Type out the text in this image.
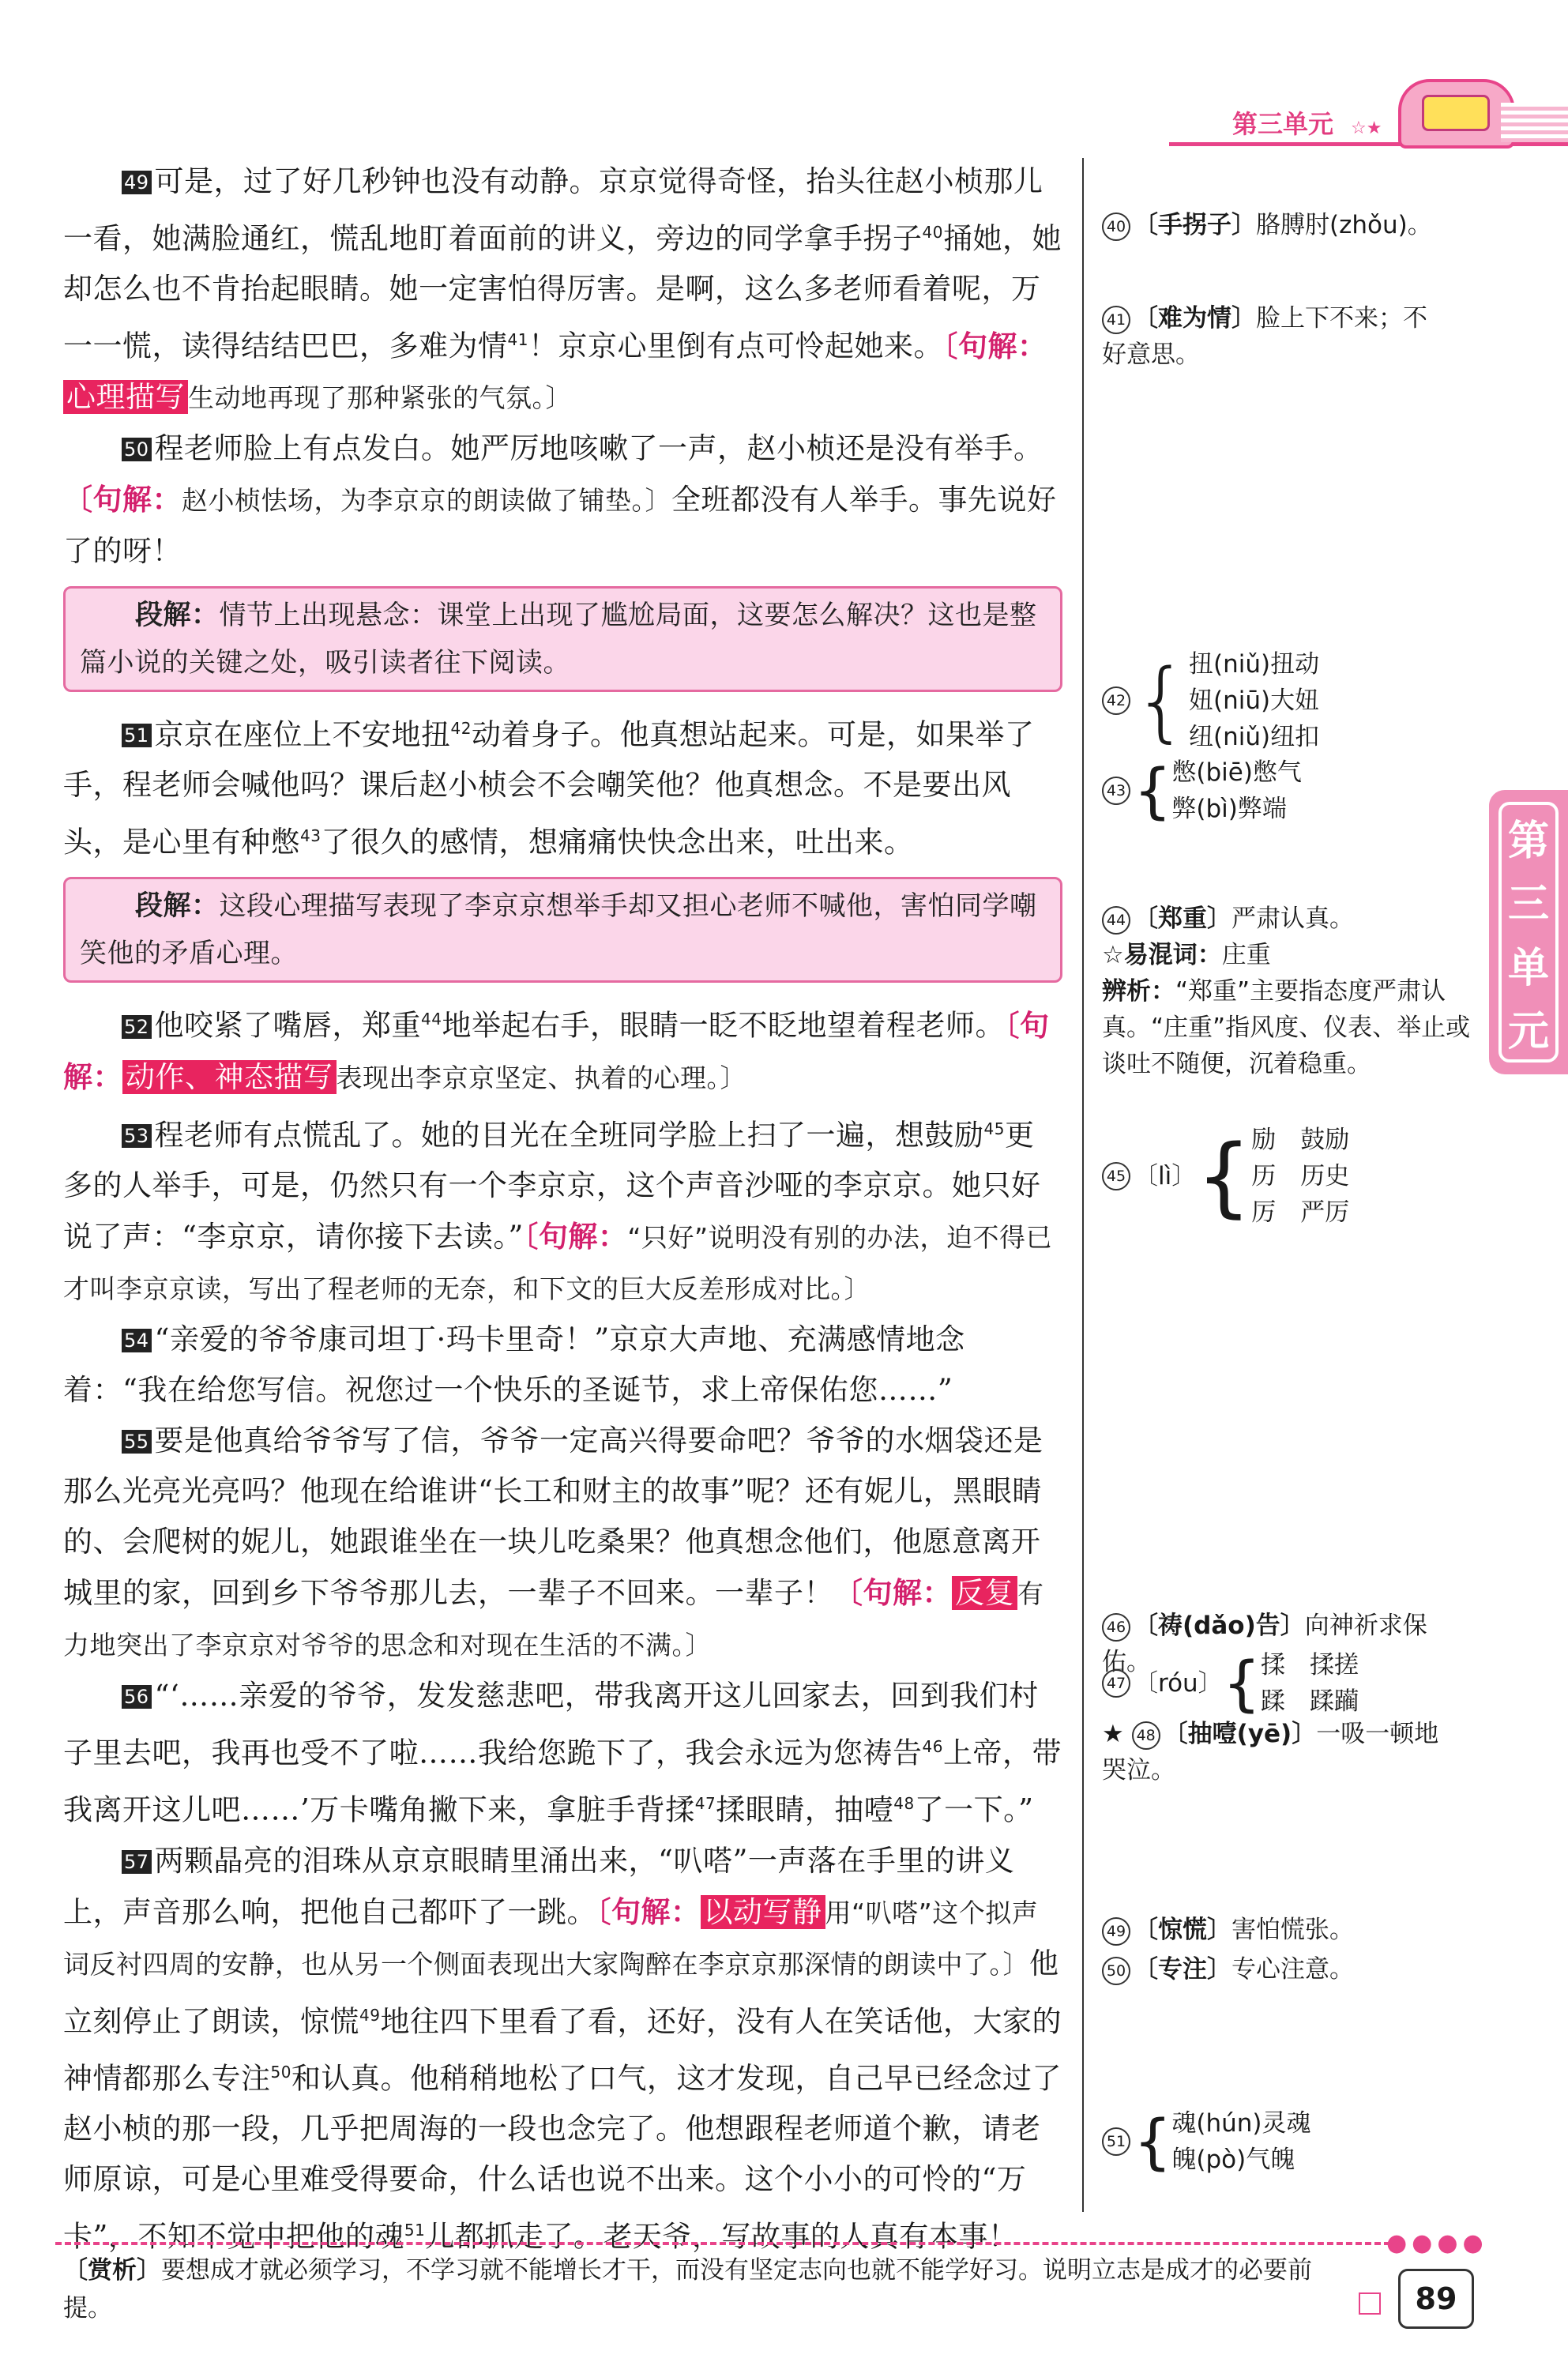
第三单元 ☆★

49 可是，过了好几秒钟也没有动静。京京觉得奇怪，抬头往赵小桢那儿一看，她满脸通红，慌乱地盯着面前的讲义，旁边的同学拿手拐子$^{40}$捅她，她却怎么也不肯抬起眼睛。她一定害怕得厉害。是啊，这么多老师看着呢，万一一慌，读得结结巴巴，多难为情$^{41}$！京京心里倒有点可怜起她来。〔句解：心理描写 生动地再现了那种紧张的气氛。〕

50 程老师脸上有点发白。她严厉地咳嗽了一声，赵小桢还是没有举手。〔句解：赵小桢怯场，为李京京的朗读做了铺垫。〕全班都没有人举手。事先说好了的呀！

段解：情节上出现悬念：课堂上出现了尴尬局面，这要怎么解决？这也是整篇小说的关键之处，吸引读者往下阅读。

51 京京在座位上不安地扭$^{42}$动着身子。他真想站起来。可是，如果举了手，程老师会喊他吗？课后赵小桢会不会嘲笑他？他真想念。不是要出风头，是心里有种憋$^{43}$了很久的感情，想痛痛快快念出来，吐出来。

段解：这段心理描写表现了李京京想举手却又担心老师不喊他，害怕同学嘲笑他的矛盾心理。

52 他咬紧了嘴唇，郑重$^{44}$地举起右手，眼睛一眨不眨地望着程老师。〔句解： 动作、神态描写 表现出李京京坚定、执着的心理。〕

53 程老师有点慌乱了。她的目光在全班同学脸上扫了一遍，想鼓励$^{45}$更多的人举手，可是，仍然只有一个李京京，这个声音沙哑的李京京。她只好说了声：“李京京，请你接下去读。”〔句解：“只好”说明没有别的办法，迫不得已才叫李京京读，写出了程老师的无奈，和下文的巨大反差形成对比。〕

54 “亲爱的爷爷康司坦丁·玛卡里奇！”京京大声地、充满感情地念着：“我在给您写信。祝您过一个快乐的圣诞节，求上帝保佑您……”

55 要是他真给爷爷写了信，爷爷一定高兴得要命吧？爷爷的水烟袋还是那么光亮光亮吗？他现在给谁讲“长工和财主的故事”呢？还有妮儿，黑眼睛的、会爬树的妮儿，她跟谁坐在一块儿吃桑果？他真想念他们，他愿意离开城里的家，回到乡下爷爷那儿去，一辈子不回来。一辈子！〔句解： 反复 有力地突出了李京京对爷爷的思念和对现在生活的不满。〕

56 “‘……亲爱的爷爷，发发慈悲吧，带我离开这儿回家去，回到我们村子里去吧，我再也受不了啦……我给您跪下了，我会永远为您祷告$^{46}$上帝，带我离开这儿吧……’万卡嘴角撇下来，拿脏手背揉$^{47}$揉眼睛，抽噎$^{48}$了一下。”

57 两颗晶亮的泪珠从京京眼睛里涌出来，“叭嗒”一声落在手里的讲义上，声音那么响，把他自己都吓了一跳。〔句解： 以动写静 用“叭嗒”这个拟声词反衬四周的安静，也从另一个侧面表现出大家陶醉在李京京那深情的朗读中了。〕他立刻停止了朗读，惊慌$^{49}$地往四下里看了看，还好，没有人在笑话他，大家的神情都那么专注$^{50}$和认真。他稍稍地松了口气，这才发现，自己早已经念过了赵小桢的那一段，几乎把周海的一段也念完了。他想跟程老师道个歉，请老师原谅，可是心里难受得要命，什么话也说不出来。这个小小的可怜的“万卡”，不知不觉中把他的魂$^{51}$儿都抓走了。老天爷，写故事的人真有本事！

40 〔手拐子〕胳膊肘(zhǒu)。
41 〔难为情〕脸上下不来；不好意思。
42 { 扭(niǔ)扭动
妞(niū)大妞
纽(niǔ)纽扣
43 { 憋(biē)憋气
弊(bì)弊端
44 〔郑重〕严肃认真。
☆易混词：庄重
辨析：“郑重”主要指态度严肃认真。“庄重”指风度、仪表、举止或谈吐不随便，沉着稳重。
45 〔lì〕 { 励　鼓励
历　历史
厉　严厉
46 〔祷(dǎo)告〕向神祈求保佑。
47 〔róu〕 { 揉　揉搓
蹂　蹂躏
★ 48 〔抽噎(yē)〕一吸一顿地哭泣。
49 〔惊慌〕害怕慌张。
50 〔专注〕专心注意。
51 { 魂(hún)灵魂
魄(pò)气魄
第
三
单
元
●●●●
〔赏析〕要想成才就必须学习，不学习就不能增长才干，而没有坚定志向也就不能学好习。说明立志是成才的必要前提。	89
